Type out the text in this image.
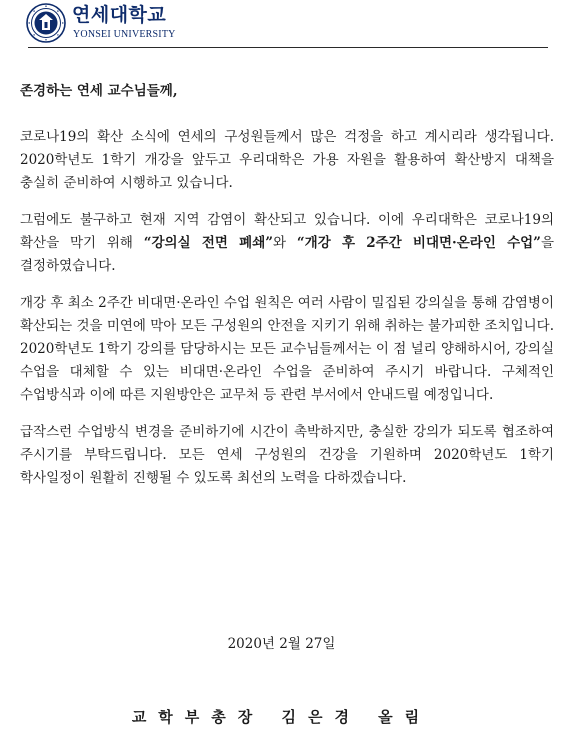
연세대학교
YONSEI UNIVERSITY

존경하는 연세 교수님들께,

코로나19의 확산 소식에 연세의 구성원들께서 많은 걱정을 하고 계시리라 생각됩니다. 2020학년도 1학기 개강을 앞두고 우리대학은 가용 자원을 활용하여 확산방지 대책을 충실히 준비하여 시행하고 있습니다.

그럼에도 불구하고 현재 지역 감염이 확산되고 있습니다. 이에 우리대학은 코로나19의 확산을 막기 위해 “강의실 전면 폐쇄”와 “개강 후 2주간 비대면·온라인 수업”을 결정하였습니다.

개강 후 최소 2주간 비대면·온라인 수업 원칙은 여러 사람이 밀집된 강의실을 통해 감염병이 확산되는 것을 미연에 막아 모든 구성원의 안전을 지키기 위해 취하는 불가피한 조치입니다. 2020학년도 1학기 강의를 담당하시는 모든 교수님들께서는 이 점 널리 양해하시어, 강의실 수업을 대체할 수 있는 비대면·온라인 수업을 준비하여 주시기 바랍니다. 구체적인 수업방식과 이에 따른 지원방안은 교무처 등 관련 부서에서 안내드릴 예정입니다.

급작스런 수업방식 변경을 준비하기에 시간이 촉박하지만, 충실한 강의가 되도록 협조하여 주시기를 부탁드립니다. 모든 연세 구성원의 건강을 기원하며 2020학년도 1학기 학사일정이 원활히 진행될 수 있도록 최선의 노력을 다하겠습니다.

2020년 2월 27일
교학부총장 김은경 올림
